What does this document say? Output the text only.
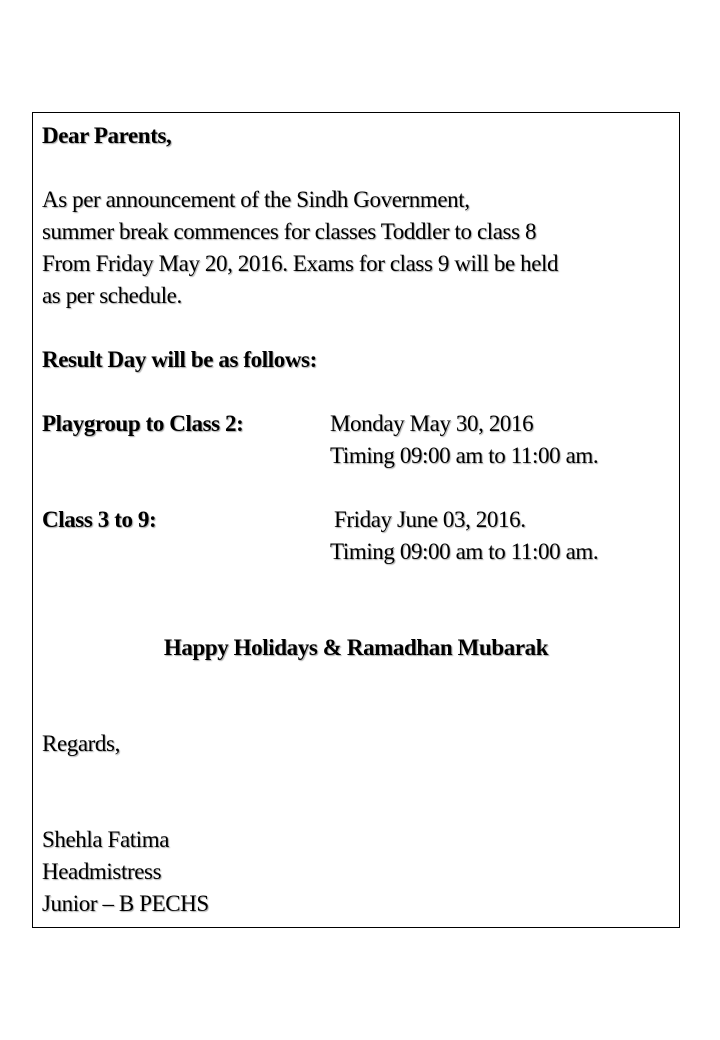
Dear Parents,
As per announcement of the Sindh Government,
summer break commences for classes Toddler to class 8
From Friday May 20, 2016. Exams for class 9 will be held
as per schedule.
Result Day will be as follows:
Playgroup to Class 2:	Monday May 30, 2016
Timing 09:00 am to 11:00 am.
Class 3 to 9:	Friday June 03, 2016.
Timing 09:00 am to 11:00 am.
Happy Holidays & Ramadhan Mubarak
Regards,
Shehla Fatima
Headmistress
Junior – B PECHS
